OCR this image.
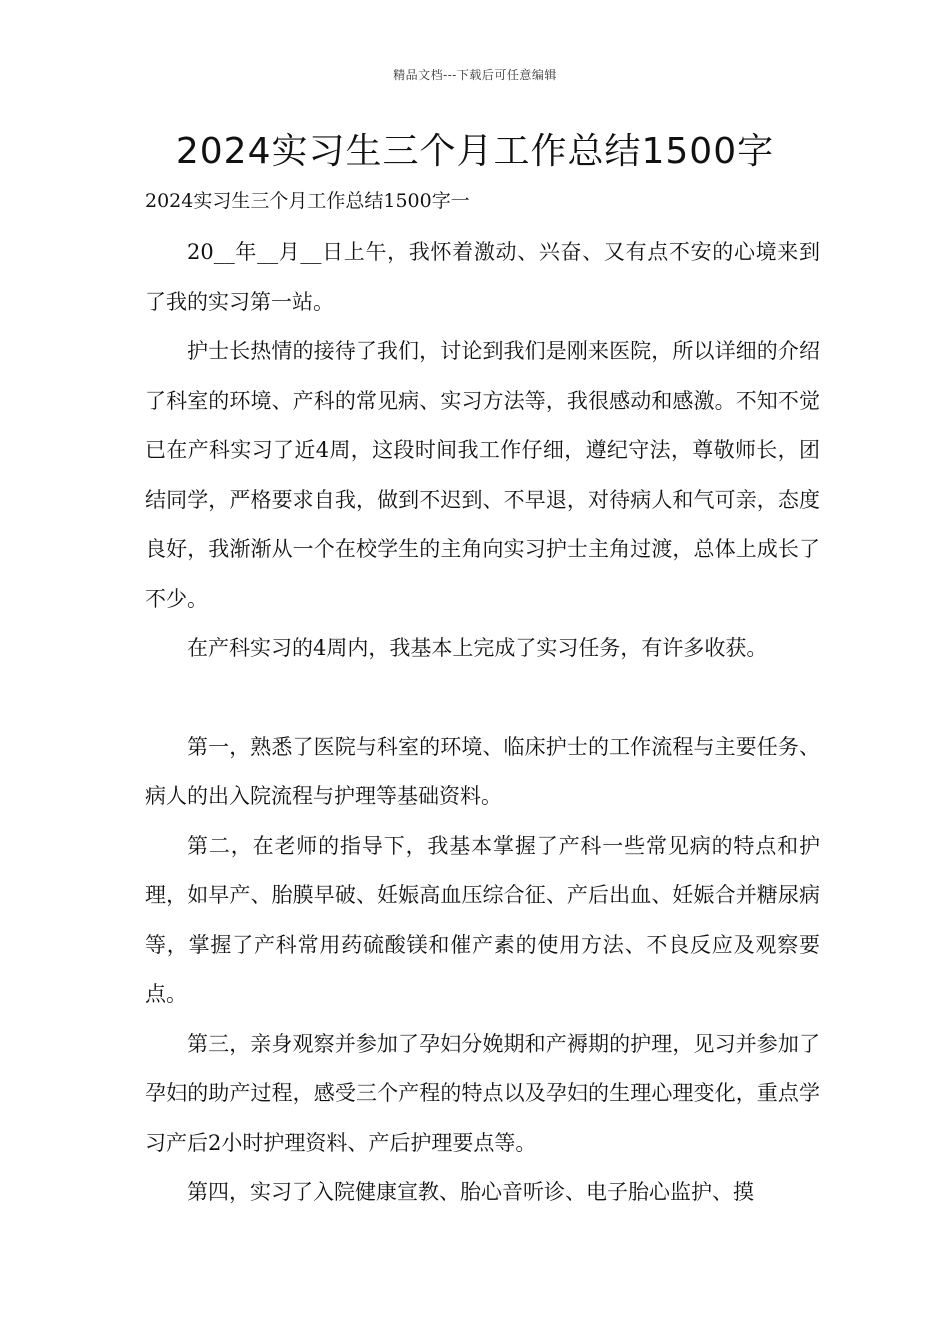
精品文档---下载后可任意编辑
2024实习生三个月工作总结1500字
2024实习生三个月工作总结1500字一

20__年__月__日上午，我怀着激动、兴奋、又有点不安的心境来到了我的实习第一站。

护士长热情的接待了我们，讨论到我们是刚来医院，所以详细的介绍了科室的环境、产科的常见病、实习方法等，我很感动和感激。不知不觉已在产科实习了近4周，这段时间我工作仔细，遵纪守法，尊敬师长，团结同学，严格要求自我，做到不迟到、不早退，对待病人和气可亲，态度良好，我渐渐从一个在校学生的主角向实习护士主角过渡，总体上成长了不少。

在产科实习的4周内，我基本上完成了实习任务，有许多收获。

第一，熟悉了医院与科室的环境、临床护士的工作流程与主要任务、病人的出入院流程与护理等基础资料。

第二，在老师的指导下，我基本掌握了产科一些常见病的特点和护理，如早产、胎膜早破、妊娠高血压综合征、产后出血、妊娠合并糖尿病等，掌握了产科常用药硫酸镁和催产素的使用方法、不良反应及观察要点。

第三，亲身观察并参加了孕妇分娩期和产褥期的护理，见习并参加了孕妇的助产过程，感受三个产程的特点以及孕妇的生理心理变化，重点学习产后2小时护理资料、产后护理要点等。

第四，实习了入院健康宣教、胎心音听诊、电子胎心监护、摸
